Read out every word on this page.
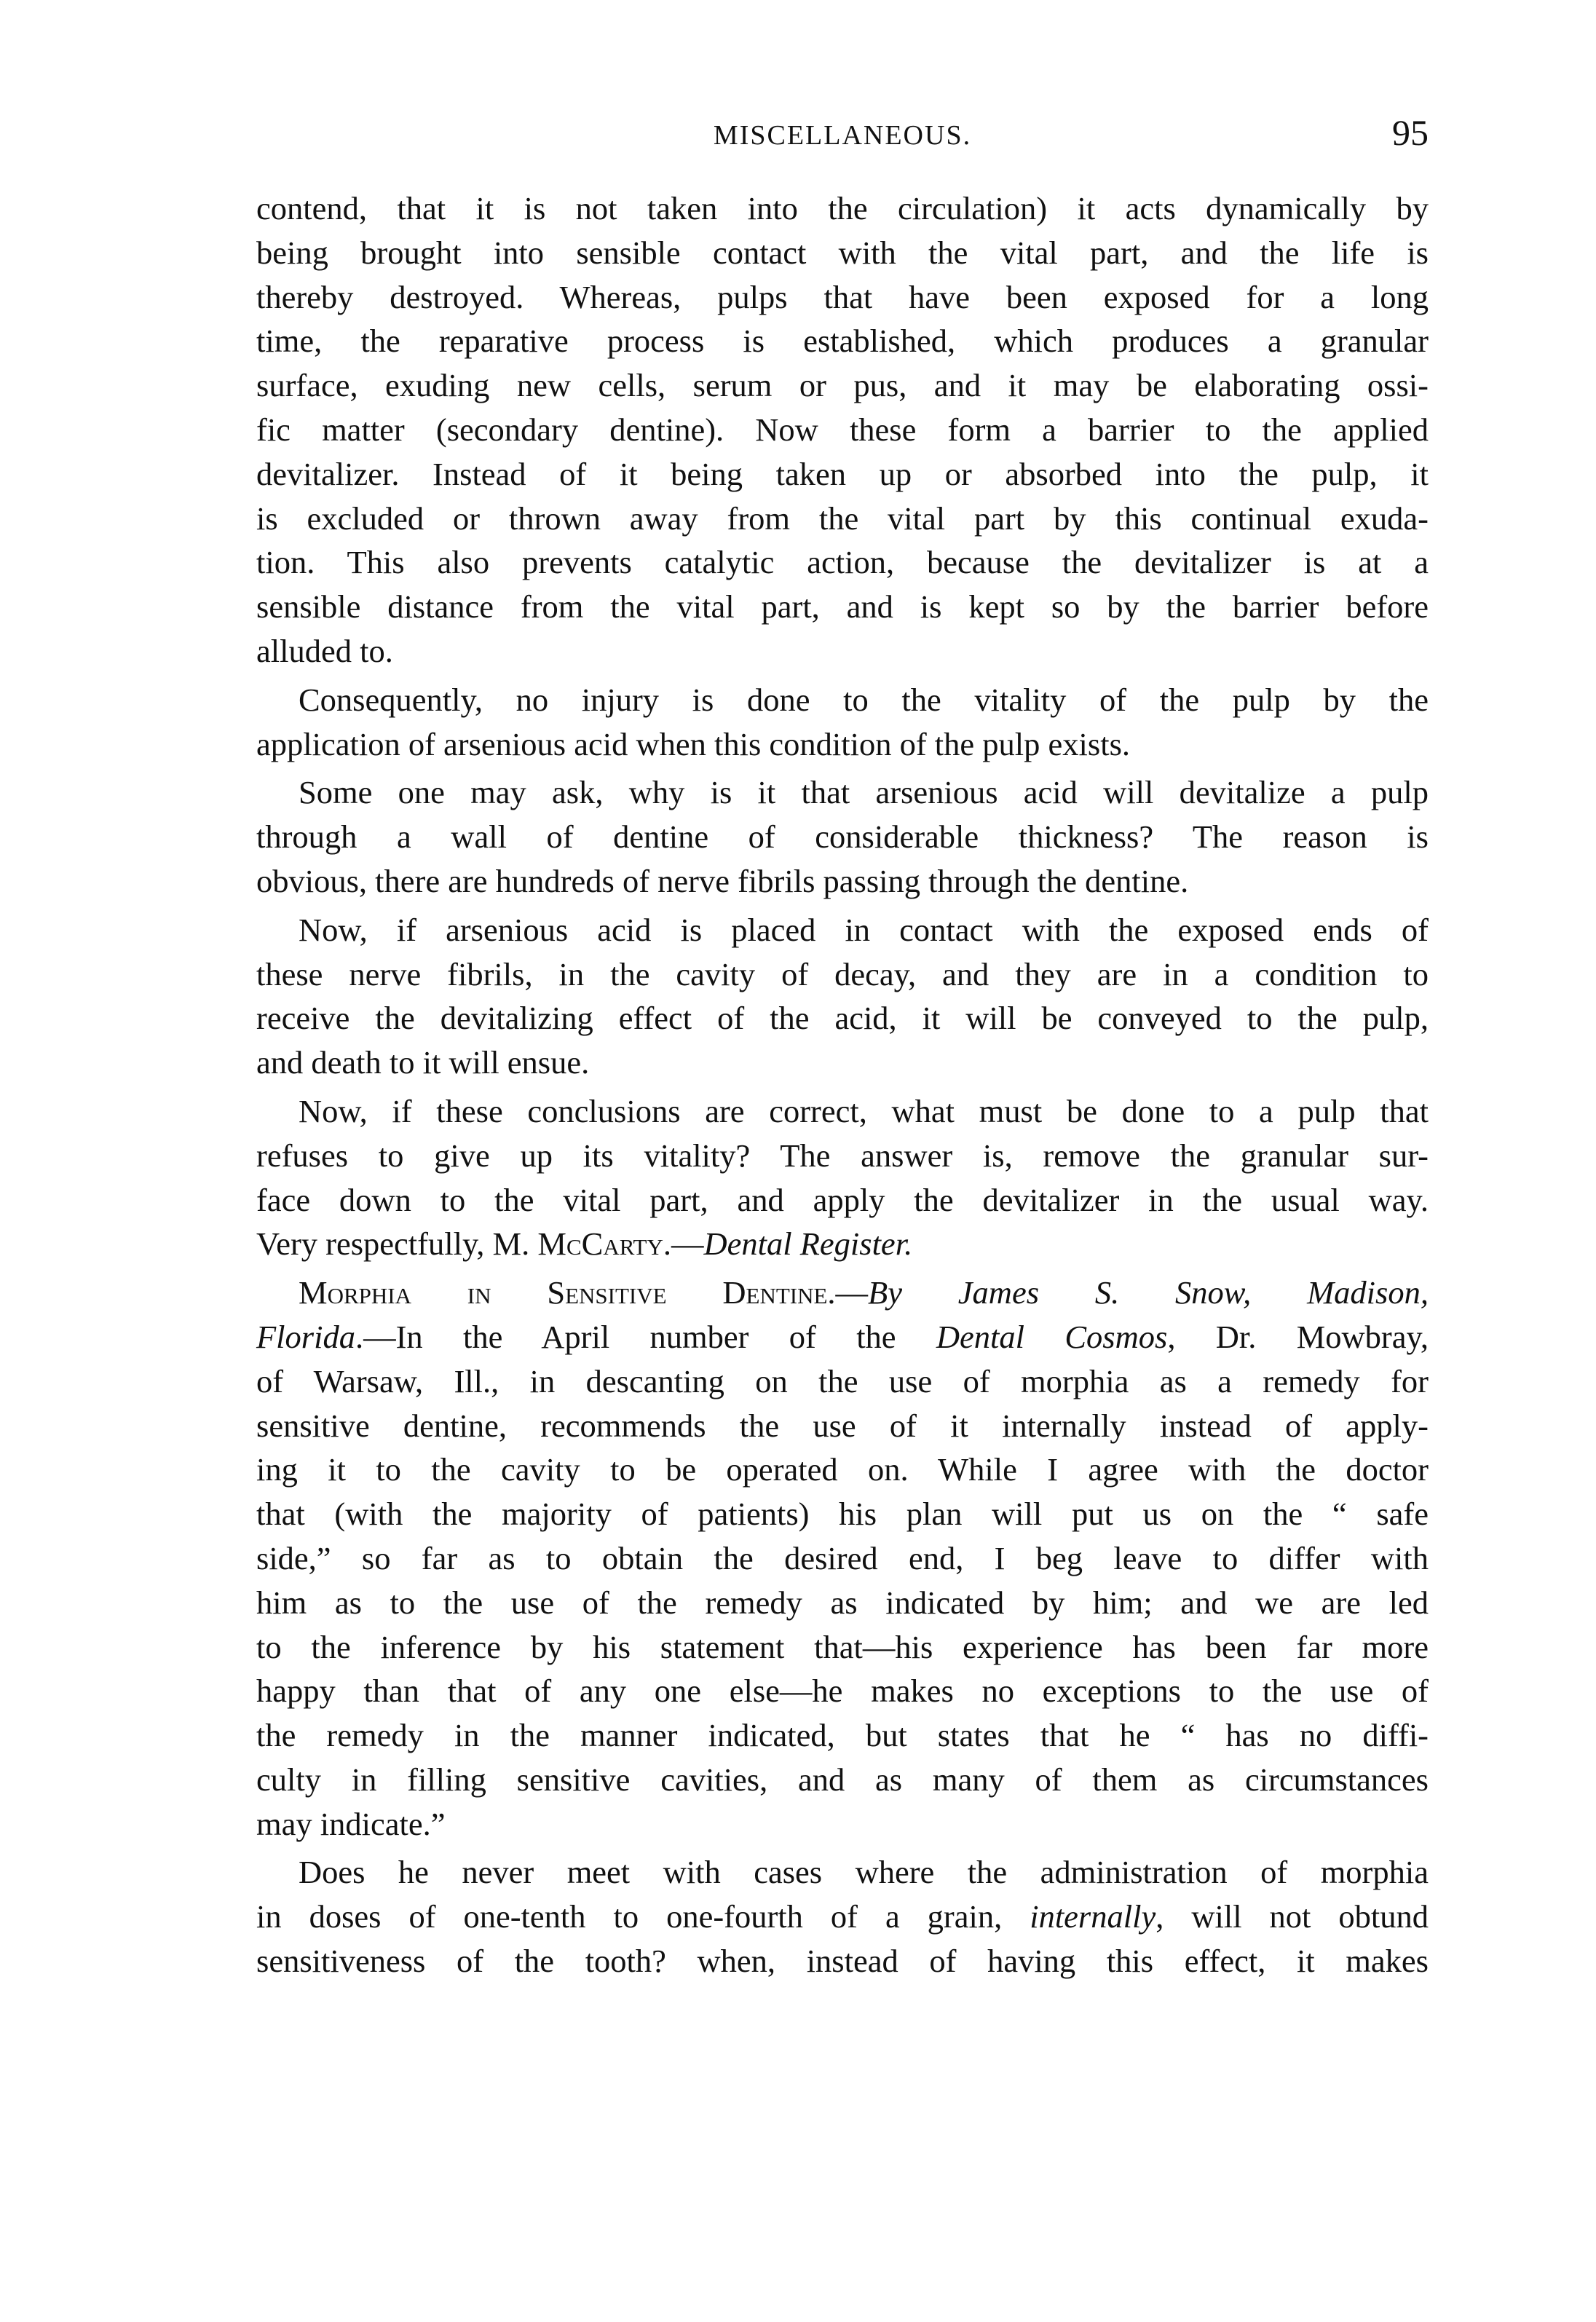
MISCELLANEOUS.	95
contend, that it is not taken into the circulation) it acts dynamically by
being brought into sensible contact with the vital part, and the life is
thereby destroyed. Whereas, pulps that have been exposed for a long
time, the reparative process is established, which produces a granular
surface, exuding new cells, serum or pus, and it may be elaborating ossi-
fic matter (secondary dentine). Now these form a barrier to the applied
devitalizer. Instead of it being taken up or absorbed into the pulp, it
is excluded or thrown away from the vital part by this continual exuda-
tion. This also prevents catalytic action, because the devitalizer is at a
sensible distance from the vital part, and is kept so by the barrier before
alluded to.
Consequently, no injury is done to the vitality of the pulp by the
application of arsenious acid when this condition of the pulp exists.
Some one may ask, why is it that arsenious acid will devitalize a pulp
through a wall of dentine of considerable thickness? The reason is
obvious, there are hundreds of nerve fibrils passing through the dentine.
Now, if arsenious acid is placed in contact with the exposed ends of
these nerve fibrils, in the cavity of decay, and they are in a condition to
receive the devitalizing effect of the acid, it will be conveyed to the pulp,
and death to it will ensue.
Now, if these conclusions are correct, what must be done to a pulp that
refuses to give up its vitality? The answer is, remove the granular sur-
face down to the vital part, and apply the devitalizer in the usual way.
Very respectfully, M. McCarty.—Dental Register.
Morphia in Sensitive Dentine.—By James S. Snow, Madison,
Florida.—In the April number of the Dental Cosmos, Dr. Mowbray,
of Warsaw, Ill., in descanting on the use of morphia as a remedy for
sensitive dentine, recommends the use of it internally instead of apply-
ing it to the cavity to be operated on. While I agree with the doctor
that (with the majority of patients) his plan will put us on the “ safe
side,” so far as to obtain the desired end, I beg leave to differ with
him as to the use of the remedy as indicated by him; and we are led
to the inference by his statement that—his experience has been far more
happy than that of any one else—he makes no exceptions to the use of
the remedy in the manner indicated, but states that he “ has no diffi-
culty in filling sensitive cavities, and as many of them as circumstances
may indicate.”
Does he never meet with cases where the administration of morphia
in doses of one-tenth to one-fourth of a grain, internally, will not obtund
sensitiveness of the tooth? when, instead of having this effect, it makes
